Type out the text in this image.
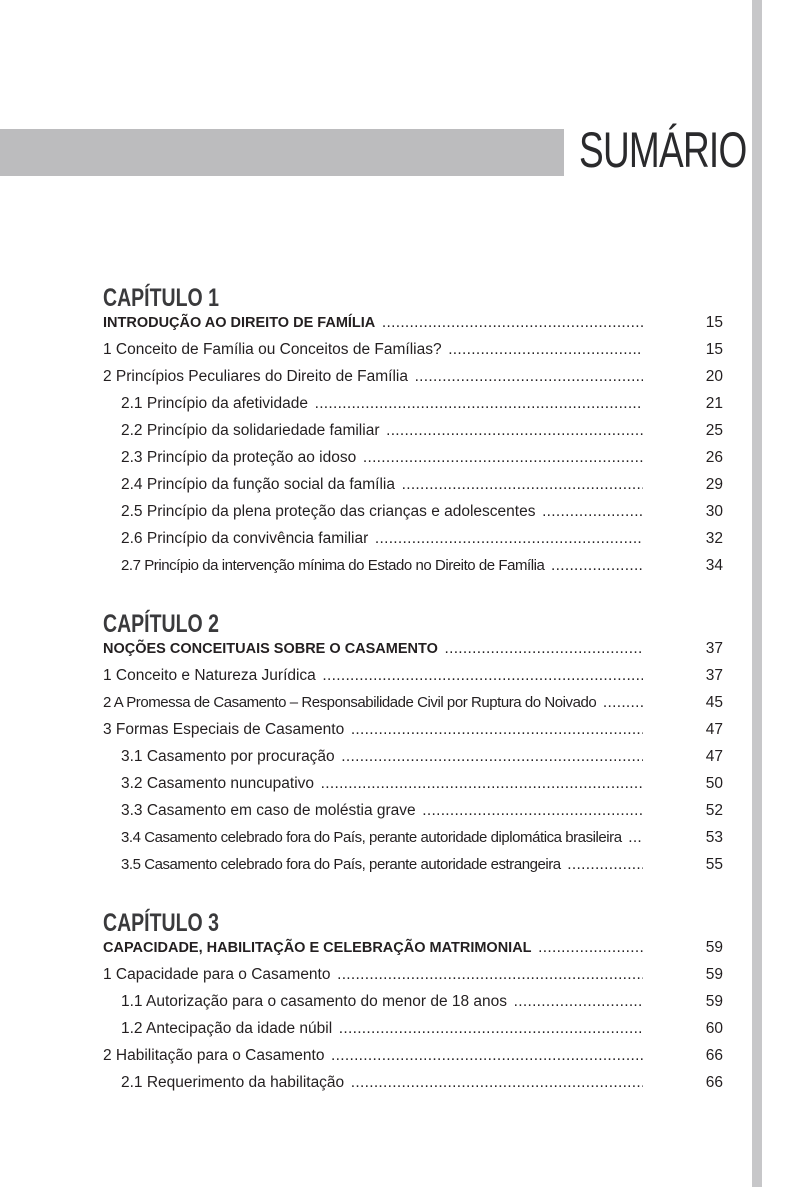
SUMÁRIO
CAPÍTULO 1
INTRODUÇÃO AO DIREITO DE FAMÍLIA .....	15
1 Conceito de Família ou Conceitos de Famílias? .....	15
2 Princípios Peculiares do Direito de Família .....	20
2.1 Princípio da afetividade .....	21
2.2 Princípio da solidariedade familiar .....	25
2.3 Princípio da proteção ao idoso .....	26
2.4 Princípio da função social da família .....	29
2.5 Princípio da plena proteção das crianças e adolescentes .....	30
2.6 Princípio da convivência familiar .....	32
2.7 Princípio da intervenção mínima do Estado no Direito de Família .....	34
CAPÍTULO 2
NOÇÕES CONCEITUAIS SOBRE O CASAMENTO .....	37
1 Conceito e Natureza Jurídica .....	37
2 A Promessa de Casamento – Responsabilidade Civil por Ruptura do Noivado .....	45
3 Formas Especiais de Casamento .....	47
3.1 Casamento por procuração .....	47
3.2 Casamento nuncupativo .....	50
3.3 Casamento em caso de moléstia grave .....	52
3.4 Casamento celebrado fora do País, perante autoridade diplomática brasileira .....	53
3.5 Casamento celebrado fora do País, perante autoridade estrangeira .....	55
CAPÍTULO 3
CAPACIDADE, HABILITAÇÃO E CELEBRAÇÃO MATRIMONIAL .....	59
1 Capacidade para o Casamento .....	59
1.1 Autorização para o casamento do menor de 18 anos .....	59
1.2 Antecipação da idade núbil .....	60
2 Habilitação para o Casamento .....	66
2.1 Requerimento da habilitação .....	66
